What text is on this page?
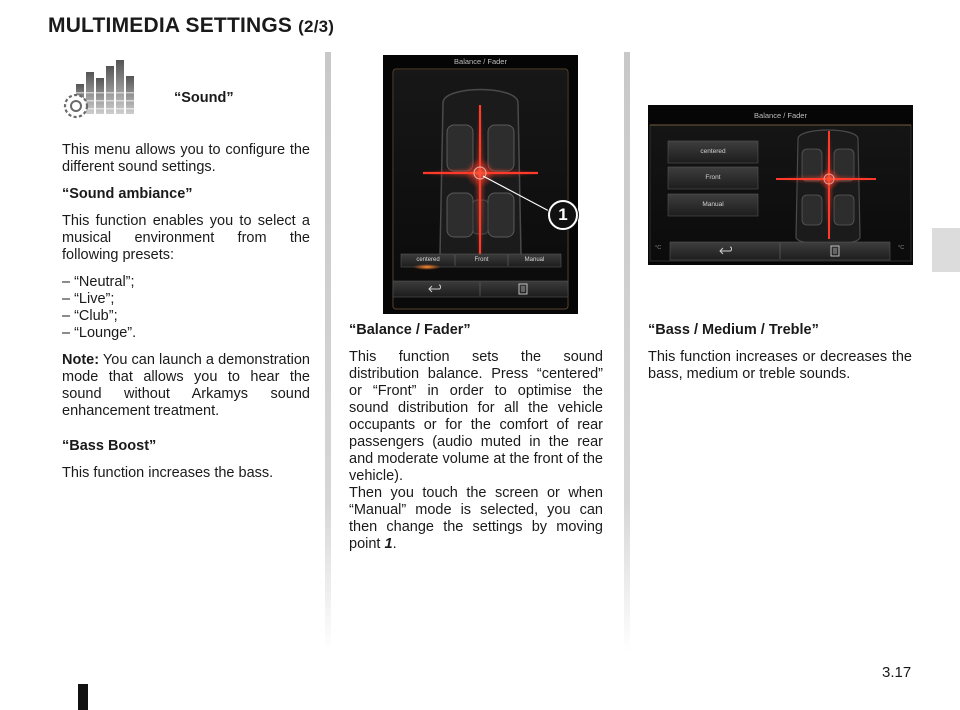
MULTIMEDIA SETTINGS (2/3)
“Sound”

This menu allows you to configure the different sound settings.

“Sound ambiance”

This function enables you to select a musical environment from the following presets:

– “Neutral”;
– “Live”;
– “Club”;
– “Lounge”.

Note: You can launch a demonstration mode that allows you to hear the sound without Arkamys sound enhancement treatment.

“Bass Boost”

This function increases the bass.

Balance / Fader
centered	Front	Manual
1
Balance / Fader
centered
Front
Manual
°C	°C

“Balance / Fader”

This function sets the sound distribution balance. Press “centered” or “Front” in order to optimise the sound distribution for all the vehicle occupants or for the comfort of rear passengers (audio muted in the rear and moderate volume at the front of the vehicle).

Then you touch the screen or when “Manual” mode is selected, you can then change the settings by moving point 1.

“Bass / Medium / Treble”

This function increases or decreases the bass, medium or treble sounds.

3.17
